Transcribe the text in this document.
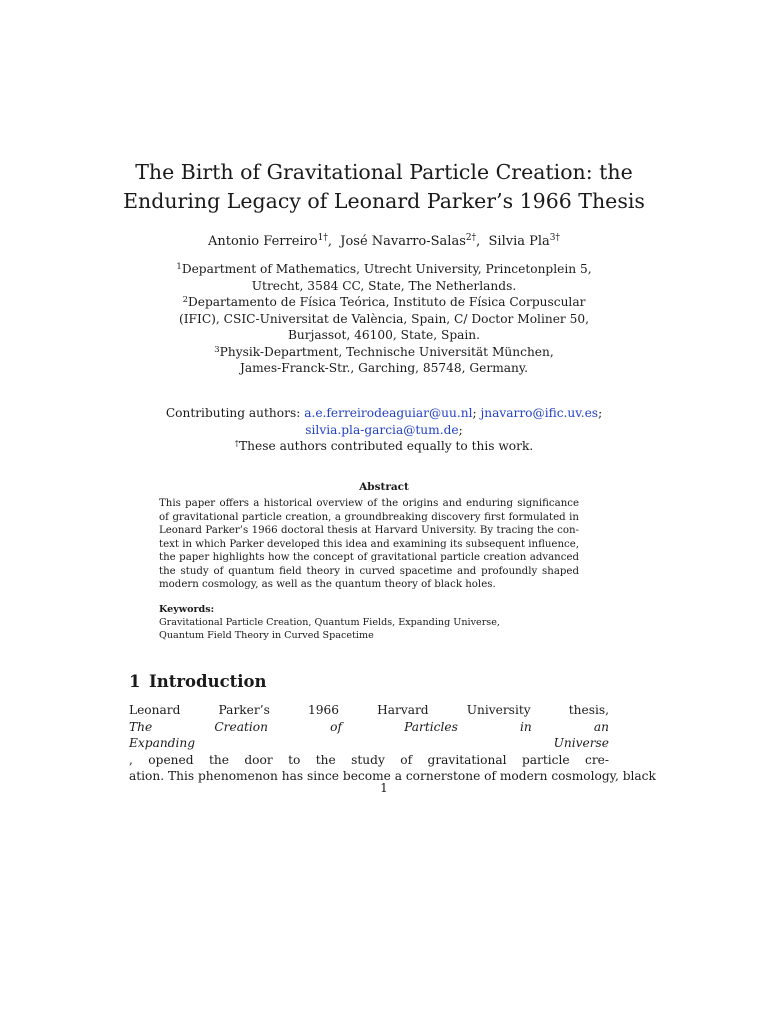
The Birth of Gravitational Particle Creation: the
Enduring Legacy of Leonard Parker’s 1966 Thesis
Antonio Ferreiro$^{1\dagger}$,  José Navarro-Salas$^{2\dagger}$,  Silvia Pla$^{3\dagger}$
$^1$Department of Mathematics, Utrecht University, Princetonplein 5,
Utrecht, 3584 CC, State, The Netherlands.
$^2$Departamento de Física Teórica, Instituto de Física Corpuscular
(IFIC), CSIC-Universitat de València, Spain, C/ Doctor Moliner 50,
Burjassot, 46100, State, Spain.
$^3$Physik-Department, Technische Universität München,
James-Franck-Str., Garching, 85748, Germany.
Contributing authors: a.e.ferreirodeaguiar@uu.nl; jnavarro@ific.uv.es;
silvia.pla-garcia@tum.de;
†These authors contributed equally to this work.
Abstract
This paper offers a historical overview of the origins and enduring significance
of gravitational particle creation, a groundbreaking discovery first formulated in
Leonard Parker’s 1966 doctoral thesis at Harvard University. By tracing the con-
text in which Parker developed this idea and examining its subsequent influence,
the paper highlights how the concept of gravitational particle creation advanced
the study of quantum field theory in curved spacetime and profoundly shaped
modern cosmology, as well as the quantum theory of black holes.
Keywords:
Gravitational Particle Creation, Quantum Fields, Expanding Universe,
Quantum Field Theory in Curved Spacetime
1 Introduction
Leonard Parker’s 1966 Harvard University thesis,
The Creation of Particles in an
Expanding Universe
, opened the door to the study of gravitational particle cre-
ation. This phenomenon has since become a cornerstone of modern cosmology, black
1
